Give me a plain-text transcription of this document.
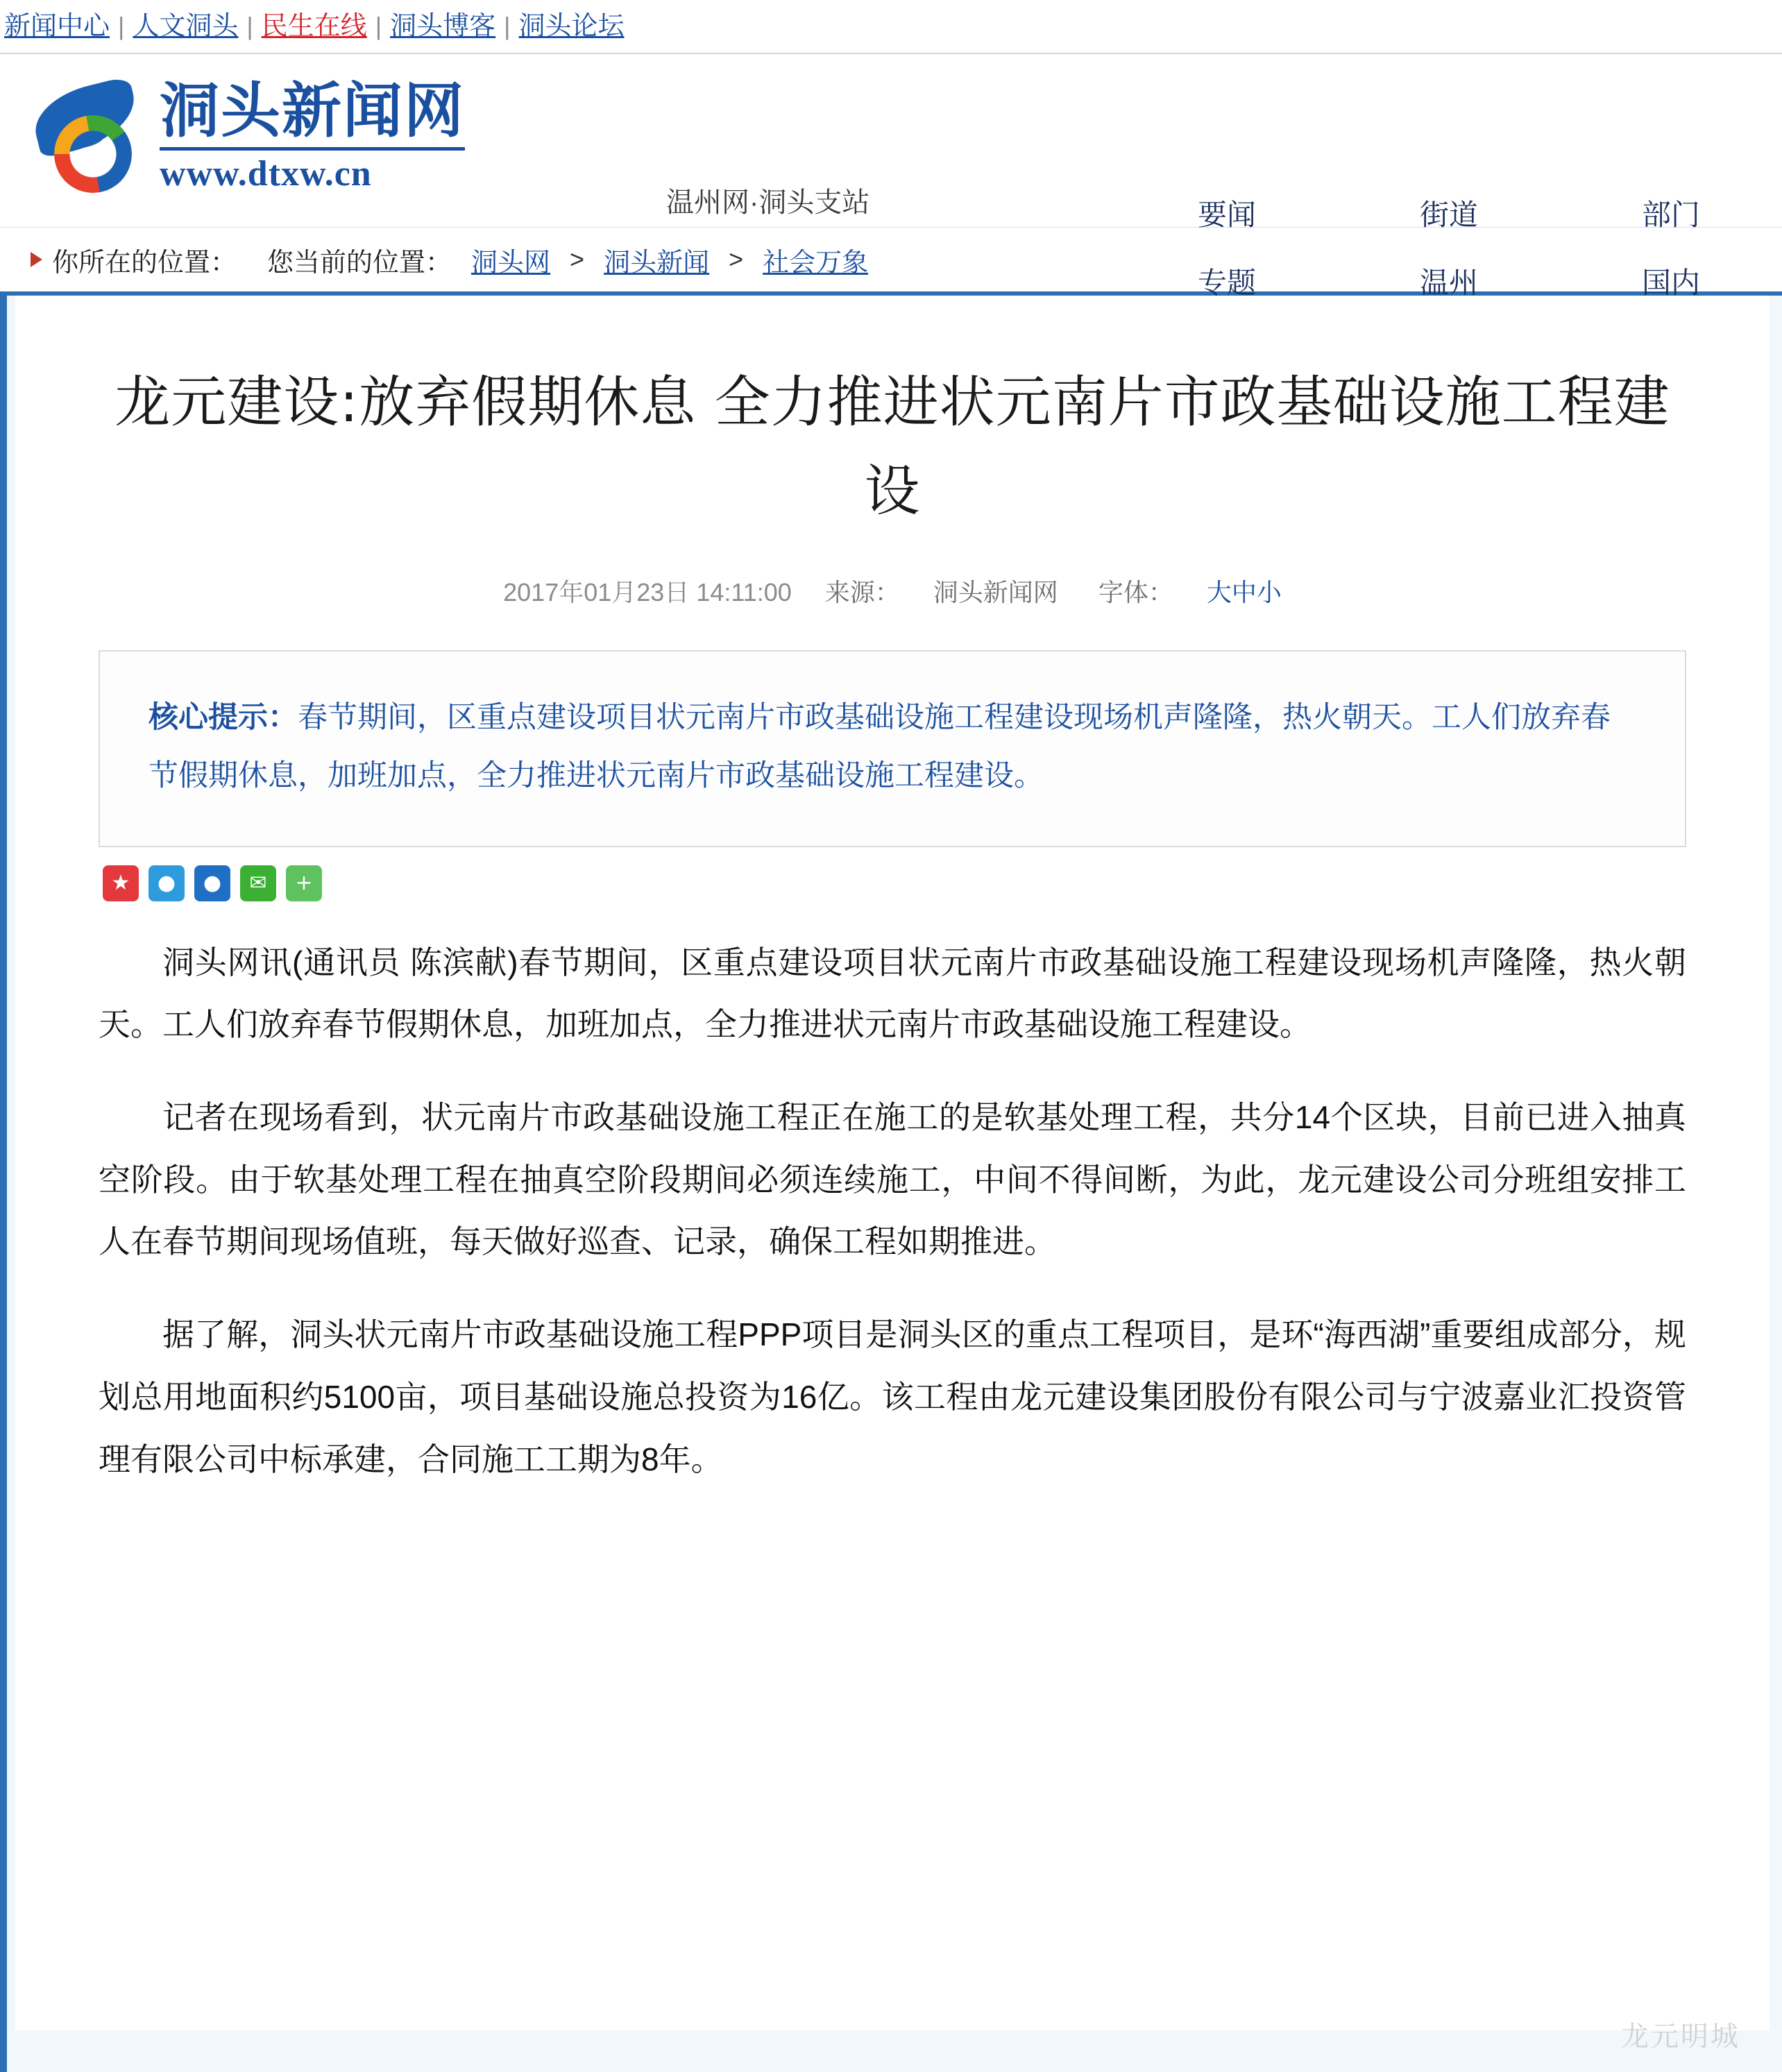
新闻中心 | 人文洞头 | 民生在线 | 洞头博客 | 洞头论坛
洞头新闻网
www.dtxw.cn
温州网·洞头支站	要闻	街道	部门
专题	温州	国内
你所在的位置： 您当前的位置： 洞头网 > 洞头新闻 > 社会万象
龙元建设:放弃假期休息 全力推进状元南片市政基础设施工程建设
2017年01月23日 14:11:00 来源： 洞头新闻网 字体： 大中小
核心提示：春节期间，区重点建设项目状元南片市政基础设施工程建设现场机声隆隆，热火朝天。工人们放弃春节假期休息，加班加点，全力推进状元南片市政基础设施工程建设。
★	●	●	✉	+

洞头网讯(通讯员 陈滨献)春节期间，区重点建设项目状元南片市政基础设施工程建设现场机声隆隆，热火朝天。工人们放弃春节假期休息，加班加点，全力推进状元南片市政基础设施工程建设。

记者在现场看到，状元南片市政基础设施工程正在施工的是软基处理工程，共分14个区块，目前已进入抽真空阶段。由于软基处理工程在抽真空阶段期间必须连续施工，中间不得间断，为此，龙元建设公司分班组安排工人在春节期间现场值班，每天做好巡查、记录，确保工程如期推进。

据了解，洞头状元南片市政基础设施工程PPP项目是洞头区的重点工程项目，是环“海西湖”重要组成部分，规划总用地面积约5100亩，项目基础设施总投资为16亿。该工程由龙元建设集团股份有限公司与宁波嘉业汇投资管理有限公司中标承建，合同施工工期为8年。

龙元明城
